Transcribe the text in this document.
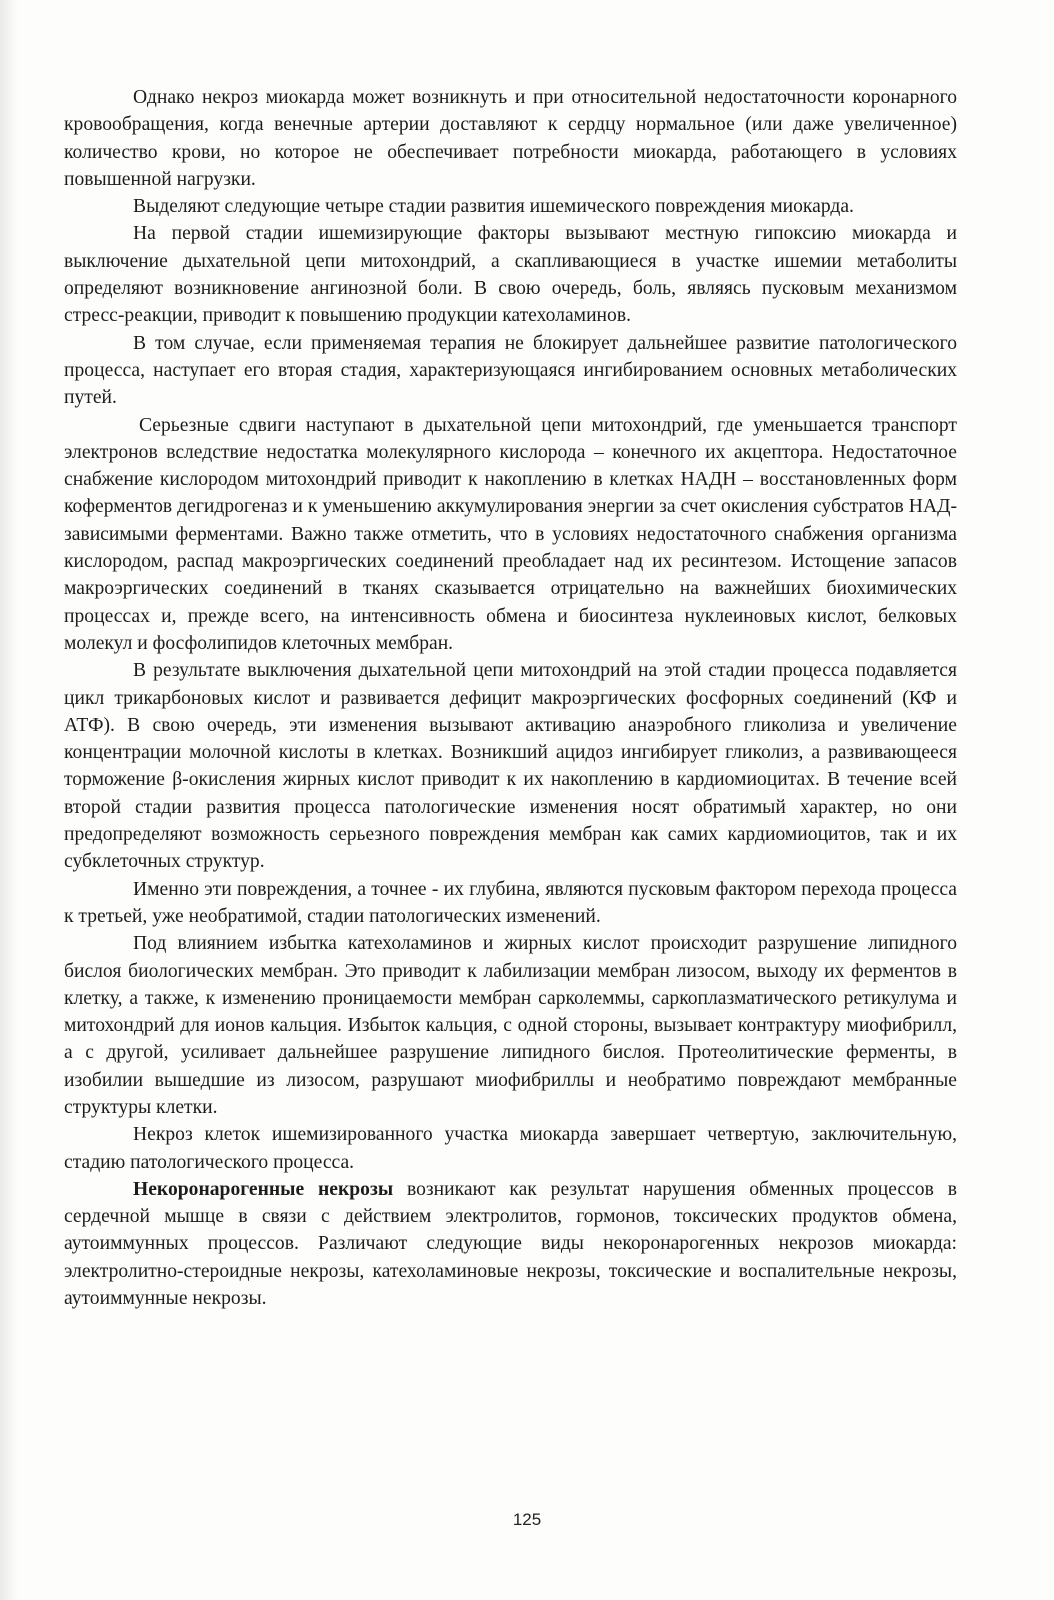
Однако некроз миокарда может возникнуть и при относительной недостаточности коронарного кровообращения, когда венечные артерии доставляют к сердцу нормальное (или даже увеличенное) количество крови, но которое не обеспечивает потребности миокарда, работающего в условиях повышенной нагрузки.

Выделяют следующие четыре стадии развития ишемического повреждения миокарда.

На первой стадии ишемизирующие факторы вызывают местную гипоксию миокарда и выключение дыхательной цепи митохондрий, а скапливающиеся в участке ишемии метаболиты определяют возникновение ангинозной боли. В свою очередь, боль, являясь пусковым механизмом стресс-реакции, приводит к повышению продукции катехоламинов.

В том случае, если применяемая терапия не блокирует дальнейшее развитие патологического процесса, наступает его вторая стадия, характеризующаяся ингибированием основных метаболических путей.

Серьезные сдвиги наступают в дыхательной цепи митохондрий, где уменьшается транспорт электронов вследствие недостатка молекулярного кислорода – конечного их акцептора. Недостаточное снабжение кислородом митохондрий приводит к накоплению в клетках НАДН – восстановленных форм коферментов дегидрогеназ и к уменьшению аккумулирования энергии за счет окисления субстратов НАД-зависимыми ферментами. Важно также отметить, что в условиях недостаточного снабжения организма кислородом, распад макроэргических соединений преобладает над их ресинтезом. Истощение запасов макроэргических соединений в тканях сказывается отрицательно на важнейших биохимических процессах и, прежде всего, на интенсивность обмена и биосинтеза нуклеиновых кислот, белковых молекул и фосфолипидов клеточных мембран.

В результате выключения дыхательной цепи митохондрий на этой стадии процесса подавляется цикл трикарбоновых кислот и развивается дефицит макроэргических фосфорных соединений (КФ и АТФ). В свою очередь, эти изменения вызывают активацию анаэробного гликолиза и увеличение концентрации молочной кислоты в клетках. Возникший ацидоз ингибирует гликолиз, а развивающееся торможение β-окисления жирных кислот приводит к их накоплению в кардиомиоцитах. В течение всей второй стадии развития процесса патологические изменения носят обратимый характер, но они предопределяют возможность серьезного повреждения мембран как самих кардиомиоцитов, так и их субклеточных структур.

Именно эти повреждения, а точнее - их глубина, являются пусковым фактором перехода процесса к третьей, уже необратимой, стадии патологических изменений.

Под влиянием избытка катехоламинов и жирных кислот происходит разрушение липидного бислоя биологических мембран. Это приводит к лабилизации мембран лизосом, выходу их ферментов в клетку, а также, к изменению проницаемости мембран сарколеммы, саркоплазматического ретикулума и митохондрий для ионов кальция. Избыток кальция, с одной стороны, вызывает контрактуру миофибрилл, а с другой, усиливает дальнейшее разрушение липидного бислоя. Протеолитические ферменты, в изобилии вышедшие из лизосом, разрушают миофибриллы и необратимо повреждают мембранные структуры клетки.

Некроз клеток ишемизированного участка миокарда завершает четвертую, заключительную, стадию патологического процесса.

Некоронарогенные некрозы возникают как результат нарушения обменных процессов в сердечной мышце в связи с действием электролитов, гормонов, токсических продуктов обмена, аутоиммунных процессов. Различают следующие виды некоронарогенных некрозов миокарда: электролитно-стероидные некрозы, катехоламиновые некрозы, токсические и воспалительные некрозы, аутоиммунные некрозы.

125
